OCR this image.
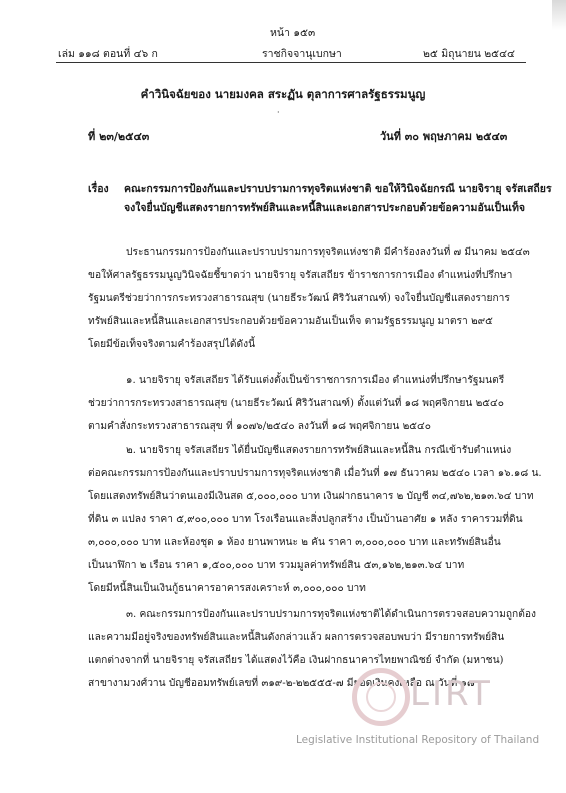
หน้า ๑๕๓
เล่ม ๑๑๘ ตอนที่ ๔๖ ก	ราชกิจจานุเบกษา	๒๕ มิถุนายน ๒๕๔๔
คำวินิจฉัยของ นายมงคล สระฏัน ตุลาการศาลรัฐธรรมนูญ
·
ที่ ๒๓/๒๕๔๓	วันที่ ๓๐ พฤษภาคม ๒๕๔๓
เรื่อง คณะกรรมการป้องกันและปราบปรามการทุจริตแห่งชาติ ขอให้วินิจฉัยกรณี นายจิรายุ จรัสเสถียร
จงใจยื่นบัญชีแสดงรายการทรัพย์สินและหนี้สินและเอกสารประกอบด้วยข้อความอันเป็นเท็จ
ประธานกรรมการป้องกันและปราบปรามการทุจริตแห่งชาติ มีคำร้องลงวันที่ ๗ มีนาคม ๒๕๔๓
ขอให้ศาลรัฐธรรมนูญวินิจฉัยชี้ขาดว่า นายจิรายุ จรัสเสถียร ข้าราชการการเมือง ตำแหน่งที่ปรึกษา
รัฐมนตรีช่วยว่าการกระทรวงสาธารณสุข (นายธีระวัฒน์ ศิริวันสาณฑ์) จงใจยื่นบัญชีแสดงรายการ
ทรัพย์สินและหนี้สินและเอกสารประกอบด้วยข้อความอันเป็นเท็จ ตามรัฐธรรมนูญ มาตรา ๒๙๕
โดยมีข้อเท็จจริงตามคำร้องสรุปได้ดังนี้
๑. นายจิรายุ จรัสเสถียร ได้รับแต่งตั้งเป็นข้าราชการการเมือง ตำแหน่งที่ปรึกษารัฐมนตรี
ช่วยว่าการกระทรวงสาธารณสุข (นายธีระวัฒน์ ศิริวันสาณฑ์) ตั้งแต่วันที่ ๑๘ พฤศจิกายน ๒๕๔๐
ตามคำสั่งกระทรวงสาธารณสุข ที่ ๑๐๗๖/๒๕๔๐ ลงวันที่ ๑๘ พฤศจิกายน ๒๕๔๐
๒. นายจิรายุ จรัสเสถียร ได้ยื่นบัญชีแสดงรายการทรัพย์สินและหนี้สิน กรณีเข้ารับตำแหน่ง
ต่อคณะกรรมการป้องกันและปราบปรามการทุจริตแห่งชาติ เมื่อวันที่ ๑๗ ธันวาคม ๒๕๔๐ เวลา ๑๖.๑๘ น.
โดยแสดงทรัพย์สินว่าตนเองมีเงินสด ๕,๐๐๐,๐๐๐ บาท เงินฝากธนาคาร ๒ บัญชี ๓๔,๗๖๒,๒๑๓.๖๔ บาท
ที่ดิน ๓ แปลง ราคา ๕,๙๐๐,๐๐๐ บาท โรงเรือนและสิ่งปลูกสร้าง เป็นบ้านอาศัย ๑ หลัง ราคารวมที่ดิน
๓,๐๐๐,๐๐๐ บาท และห้องชุด ๑ ห้อง ยานพาหนะ ๒ คัน ราคา ๓,๐๐๐,๐๐๐ บาท และทรัพย์สินอื่น
เป็นนาฬิกา ๒ เรือน ราคา ๑,๕๐๐,๐๐๐ บาท รวมมูลค่าทรัพย์สิน ๕๓,๑๖๒,๒๑๓.๖๔ บาท
โดยมีหนี้สินเป็นเงินกู้ธนาคารอาคารสงเคราะห์ ๓,๐๐๐,๐๐๐ บาท
๓. คณะกรรมการป้องกันและปราบปรามการทุจริตแห่งชาติได้ดำเนินการตรวจสอบความถูกต้อง
และความมีอยู่จริงของทรัพย์สินและหนี้สินดังกล่าวแล้ว ผลการตรวจสอบพบว่า มีรายการทรัพย์สิน
แตกต่างจากที่ นายจิรายุ จรัสเสถียร ได้แสดงไว้คือ เงินฝากธนาคารไทยพาณิชย์ จำกัด (มหาชน)
สาขางามวงศ์วาน บัญชีออมทรัพย์เลขที่ ๓๑๙-๒-๒๒๕๕๕-๗ มียอดเงินคงเหลือ ณ วันที่ ๑๗
LIRT
Legislative Institutional Repository of Thailand
